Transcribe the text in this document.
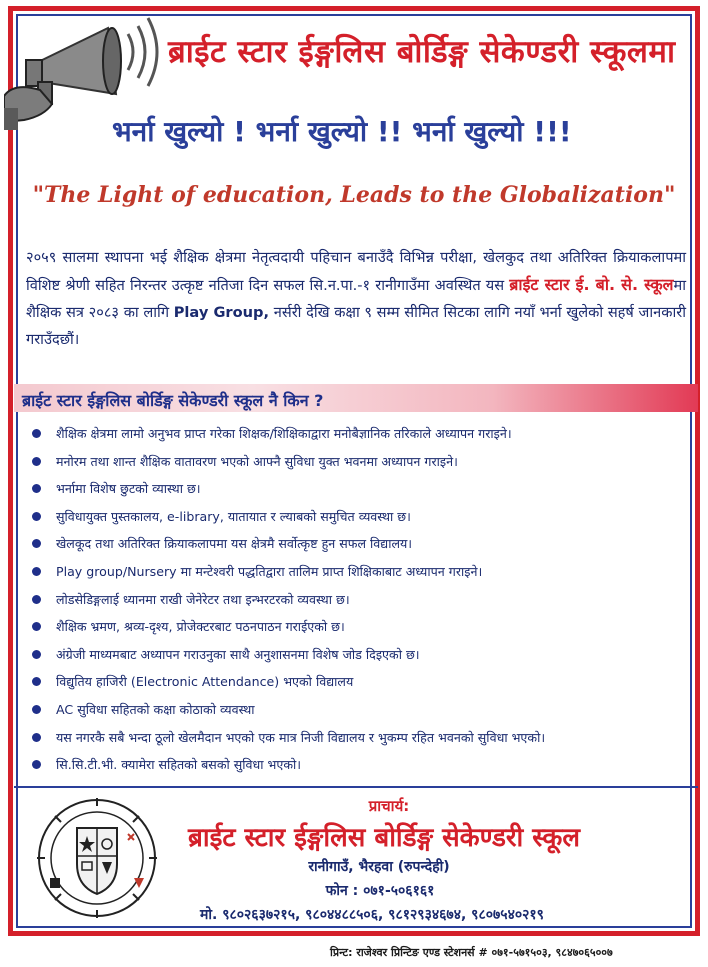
ब्राईट स्टार ईङ्गलिस बोर्डिङ्ग सेकेण्डरी स्कूलमा
भर्ना खुल्यो ! भर्ना खुल्यो !! भर्ना खुल्यो !!!
"The Light of education, Leads to the Globalization"

२०५९ सालमा स्थापना भई शैक्षिक क्षेत्रमा नेतृत्वदायी पहिचान बनाउँदै विभिन्न परीक्षा, खेलकुद तथा अतिरिक्त क्रियाकलापमा विशिष्ट श्रेणी सहित निरन्तर उत्कृष्ट नतिजा दिन सफल सि.न.पा.-१ रानीगाउँमा अवस्थित यस ब्राईट स्टार ई. बो. से. स्कूलमा शैक्षिक सत्र २०८३ का लागि Play Group, नर्सरी देखि कक्षा ९ सम्म सीमित सिटका लागि नयाँ भर्ना खुलेको सहर्ष जानकारी गराउँदछौं।

ब्राईट स्टार ईङ्गलिस बोर्डिङ्ग सेकेण्डरी स्कूल नै किन ?
शैक्षिक क्षेत्रमा लामो अनुभव प्राप्त गरेका शिक्षक/शिक्षिकाद्वारा मनोबैज्ञानिक तरिकाले अध्यापन गराइने।
मनोरम तथा शान्त शैक्षिक वातावरण भएको आफ्नै सुविधा युक्त भवनमा अध्यापन गराइने।
भर्नामा विशेष छुटको व्यास्था छ।
सुविधायुक्त पुस्तकालय, e-library, यातायात र ल्याबको समुचित व्यवस्था छ।
खेलकूद तथा अतिरिक्त क्रियाकलापमा यस क्षेत्रमै सर्वोत्कृष्ट हुन सफल विद्यालय।
Play group/Nursery मा मन्टेश्वरी पद्धतिद्वारा तालिम प्राप्त शिक्षिकाबाट अध्यापन गराइने।
लोडसेडिङ्गलाई ध्यानमा राखी जेनेरेटर तथा इन्भरटरको व्यवस्था छ।
शैक्षिक भ्रमण, श्रव्य-दृश्य, प्रोजेक्टरबाट पठनपाठन गराईएको छ।
अंग्रेजी माध्यमबाट अध्यापन गराउनुका साथै अनुशासनमा विशेष जोड दिइएको छ।
विद्युतिय हाजिरी (Electronic Attendance) भएको विद्यालय
AC सुविधा सहितको कक्षा कोठाको व्यवस्था
यस नगरकै सबै भन्दा ठूलो खेलमैदान भएको एक मात्र निजी विद्यालय र भुकम्प रहित भवनको सुविधा भएको।
सि.सि.टी.भी. क्यामेरा सहितको बसको सुविधा भएको।
प्राचार्य:
ब्राईट स्टार ईङ्गलिस बोर्डिङ्ग सेकेण्डरी स्कूल
रानीगाउँ, भैरहवा (रुपन्देही)
फोन : ०७१-५०६१६१
मो. ९८०२६३७२१५, ९८०४४८८५०६, ९८१२९३४६७४, ९८०७५४०२१९
प्रिन्ट: राजेश्वर प्रिन्टिङ एण्ड स्टेशनर्स # ०७१-५७१५०३, ९८४७०६५००७
